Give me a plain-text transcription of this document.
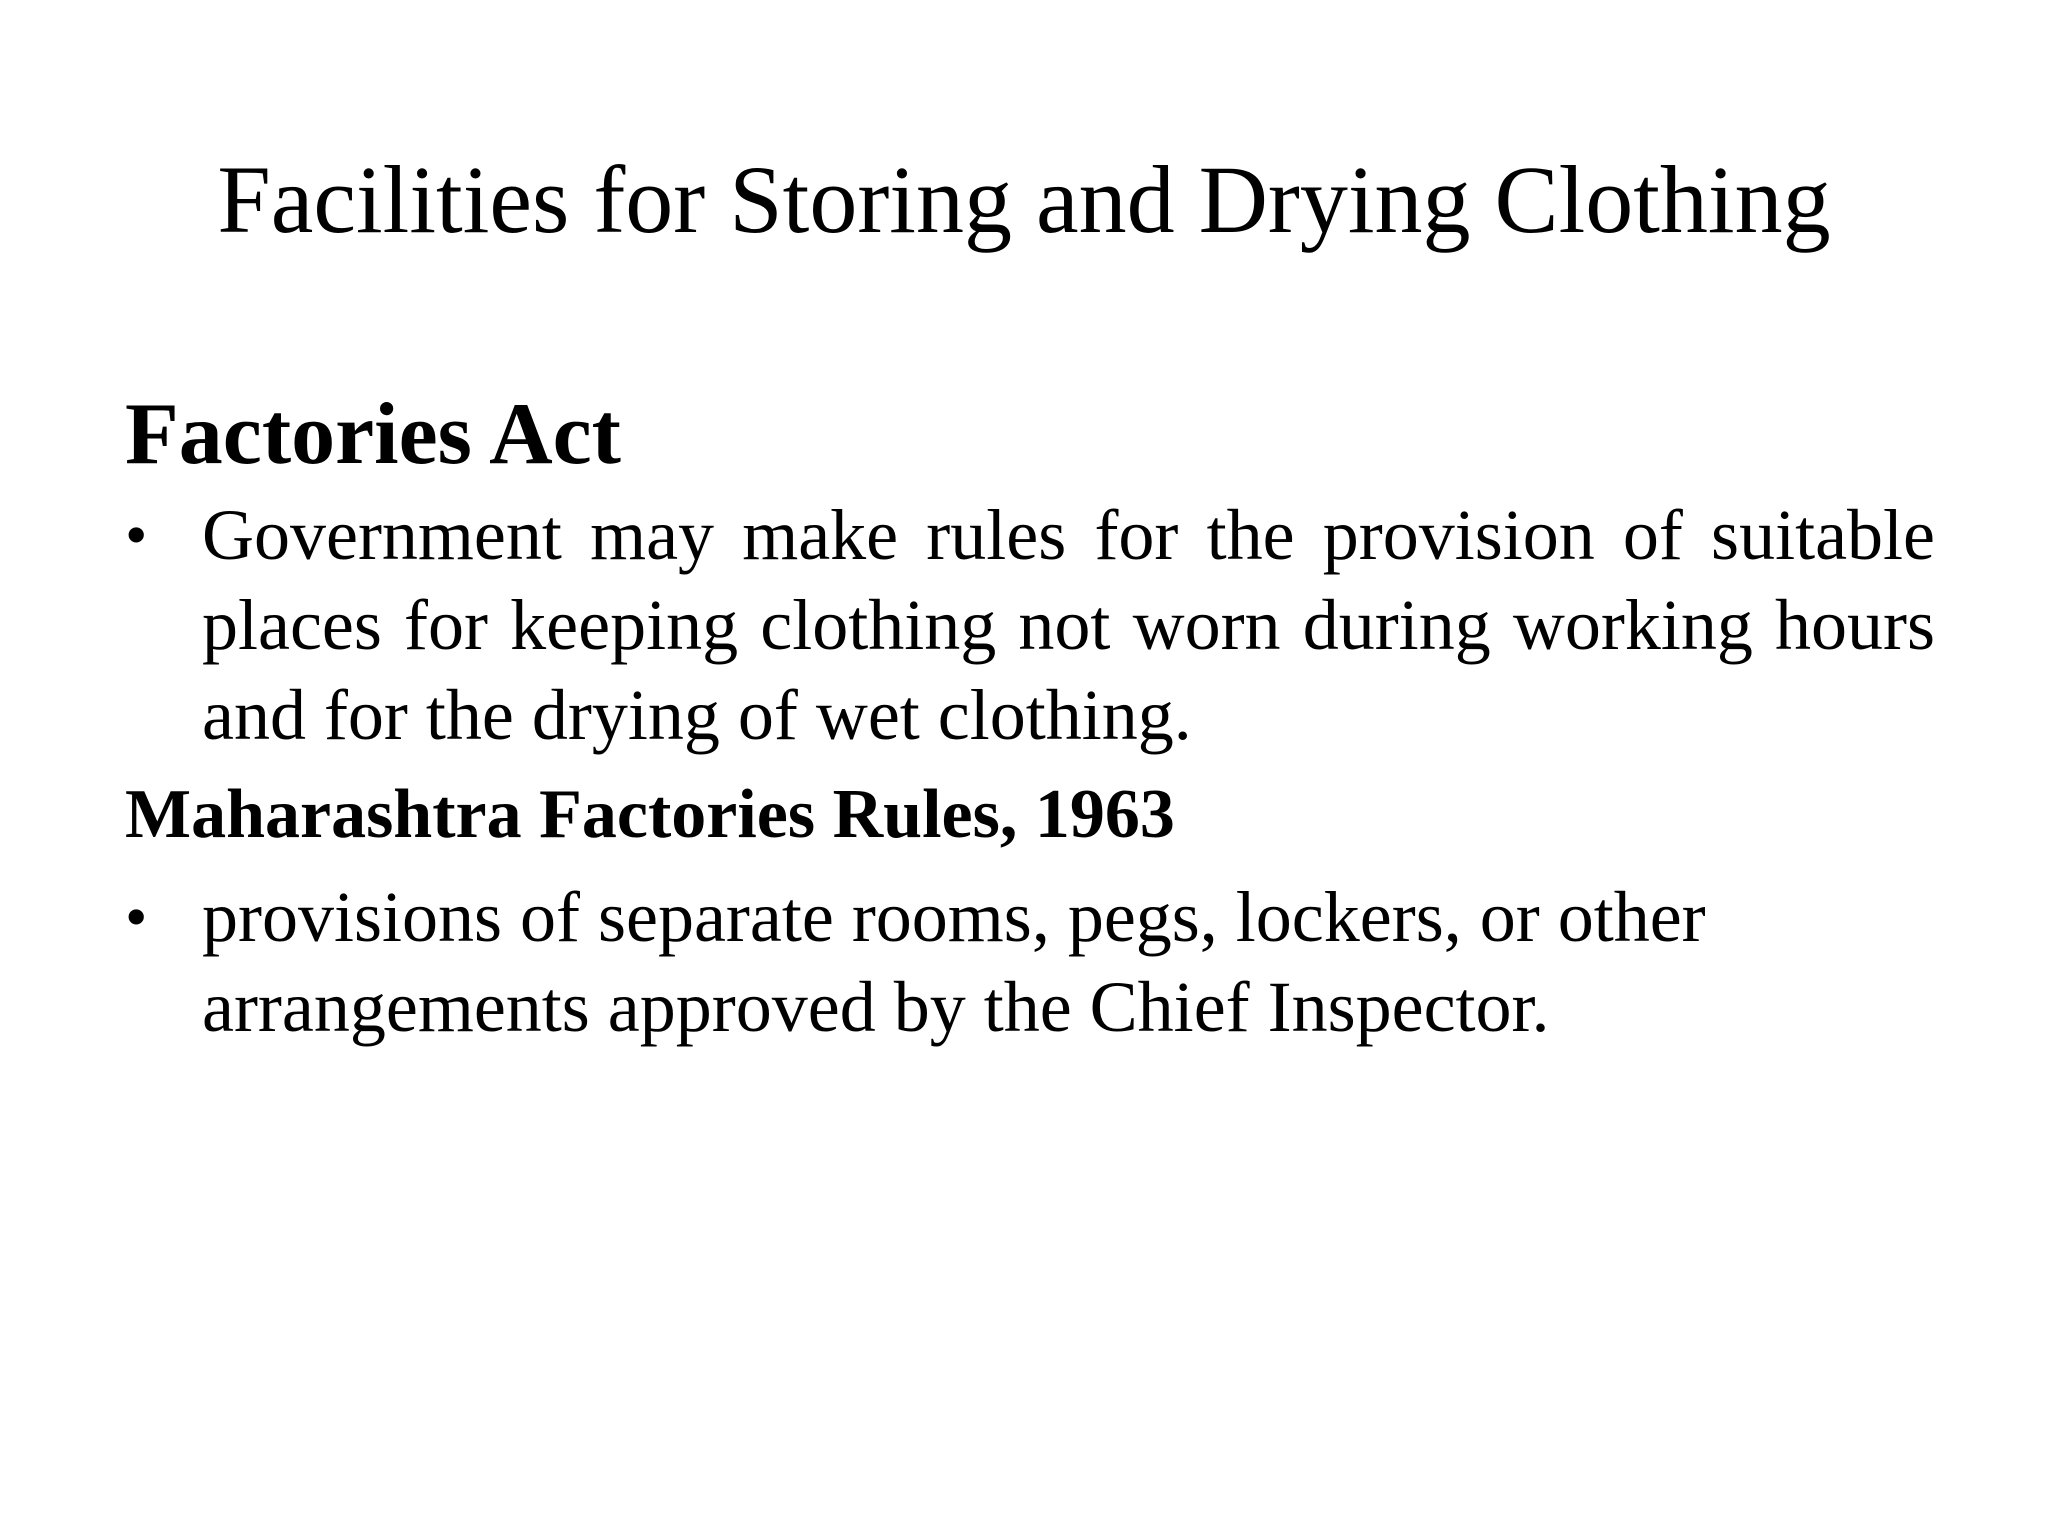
Facilities for Storing and Drying Clothing
Factories Act
• Government may make rules for the provision of suitable places for keeping clothing not worn during working hours and for the drying of wet clothing.
Maharashtra Factories Rules, 1963
• provisions of separate rooms, pegs, lockers, or other arrangements approved by the Chief Inspector.
